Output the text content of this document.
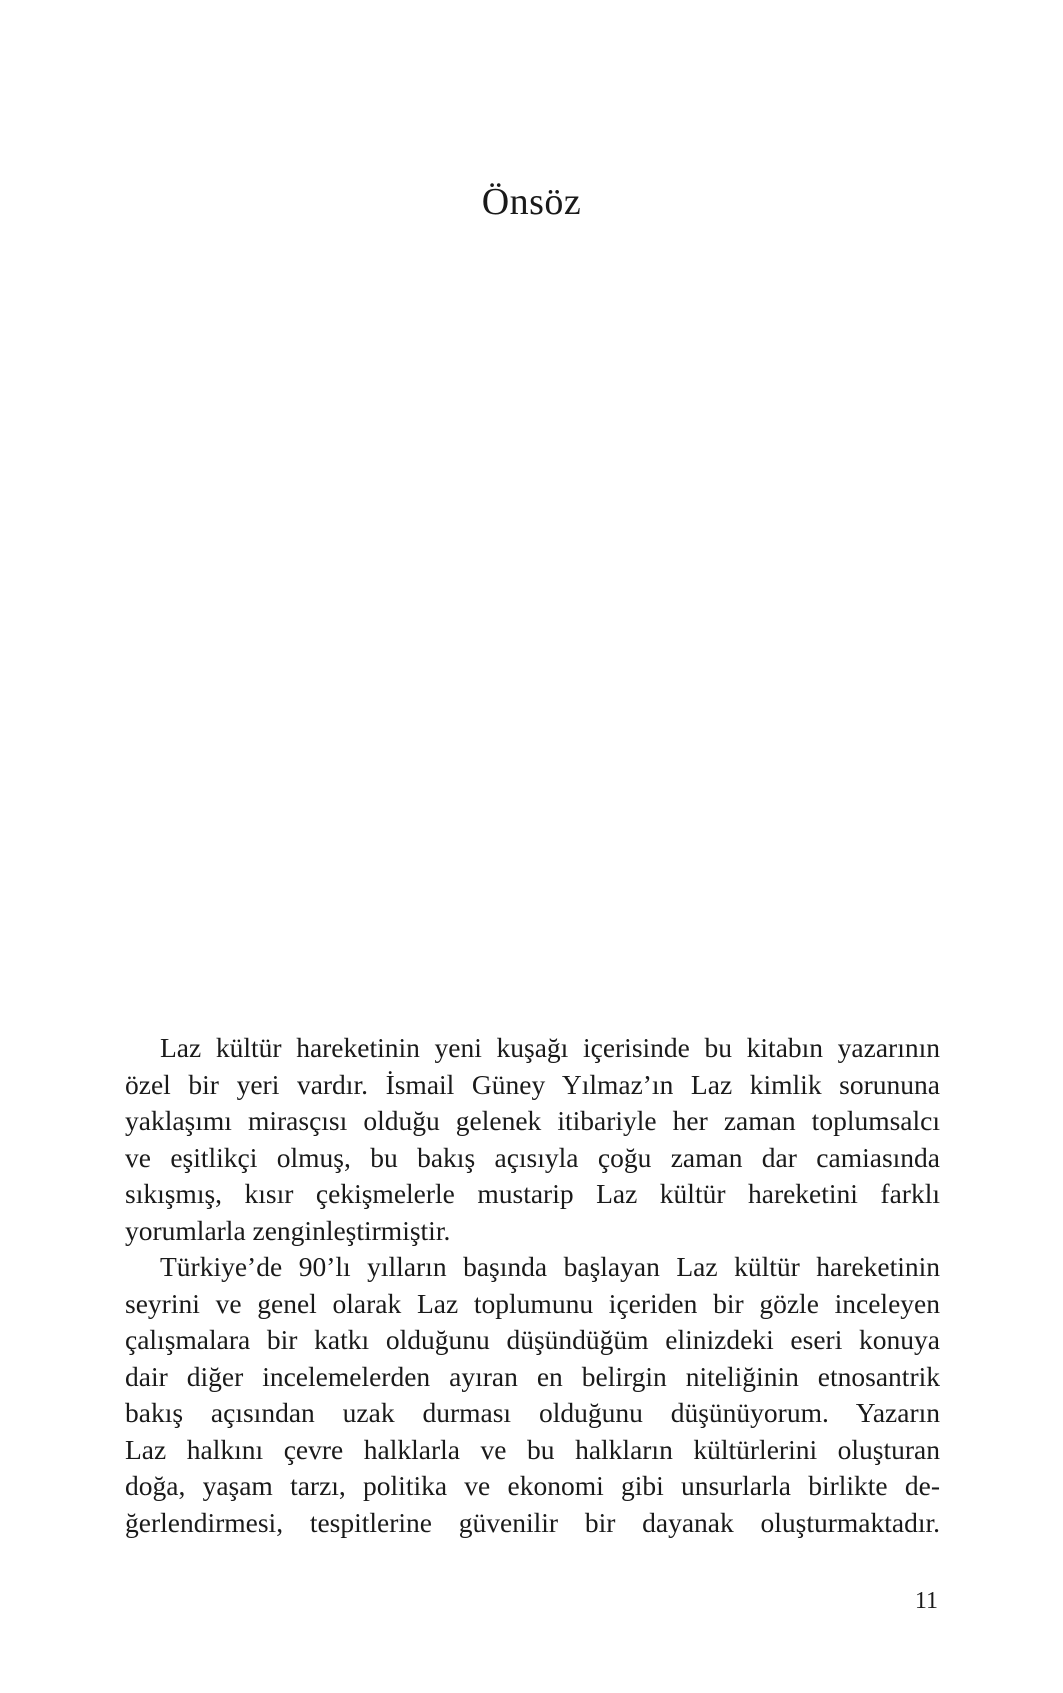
Önsöz
Laz kültür hareketinin yeni kuşağı içerisinde bu kitabın yazarının
özel bir yeri vardır. İsmail Güney Yılmaz’ın Laz kimlik sorununa
yaklaşımı mirasçısı olduğu gelenek itibariyle her zaman toplumsalcı
ve eşitlikçi olmuş, bu bakış açısıyla çoğu zaman dar camiasında
sıkışmış, kısır çekişmelerle mustarip Laz kültür hareketini farklı
yorumlarla zenginleştirmiştir.
Türkiye’de 90’lı yılların başında başlayan Laz kültür hareketinin
seyrini ve genel olarak Laz toplumunu içeriden bir gözle inceleyen
çalışmalara bir katkı olduğunu düşündüğüm elinizdeki eseri konuya
dair diğer incelemelerden ayıran en belirgin niteliğinin etnosantrik
bakış açısından uzak durması olduğunu düşünüyorum. Yazarın
Laz halkını çevre halklarla ve bu halkların kültürlerini oluşturan
doğa, yaşam tarzı, politika ve ekonomi gibi unsurlarla birlikte de-
ğerlendirmesi, tespitlerine güvenilir bir dayanak oluşturmaktadır.
11
